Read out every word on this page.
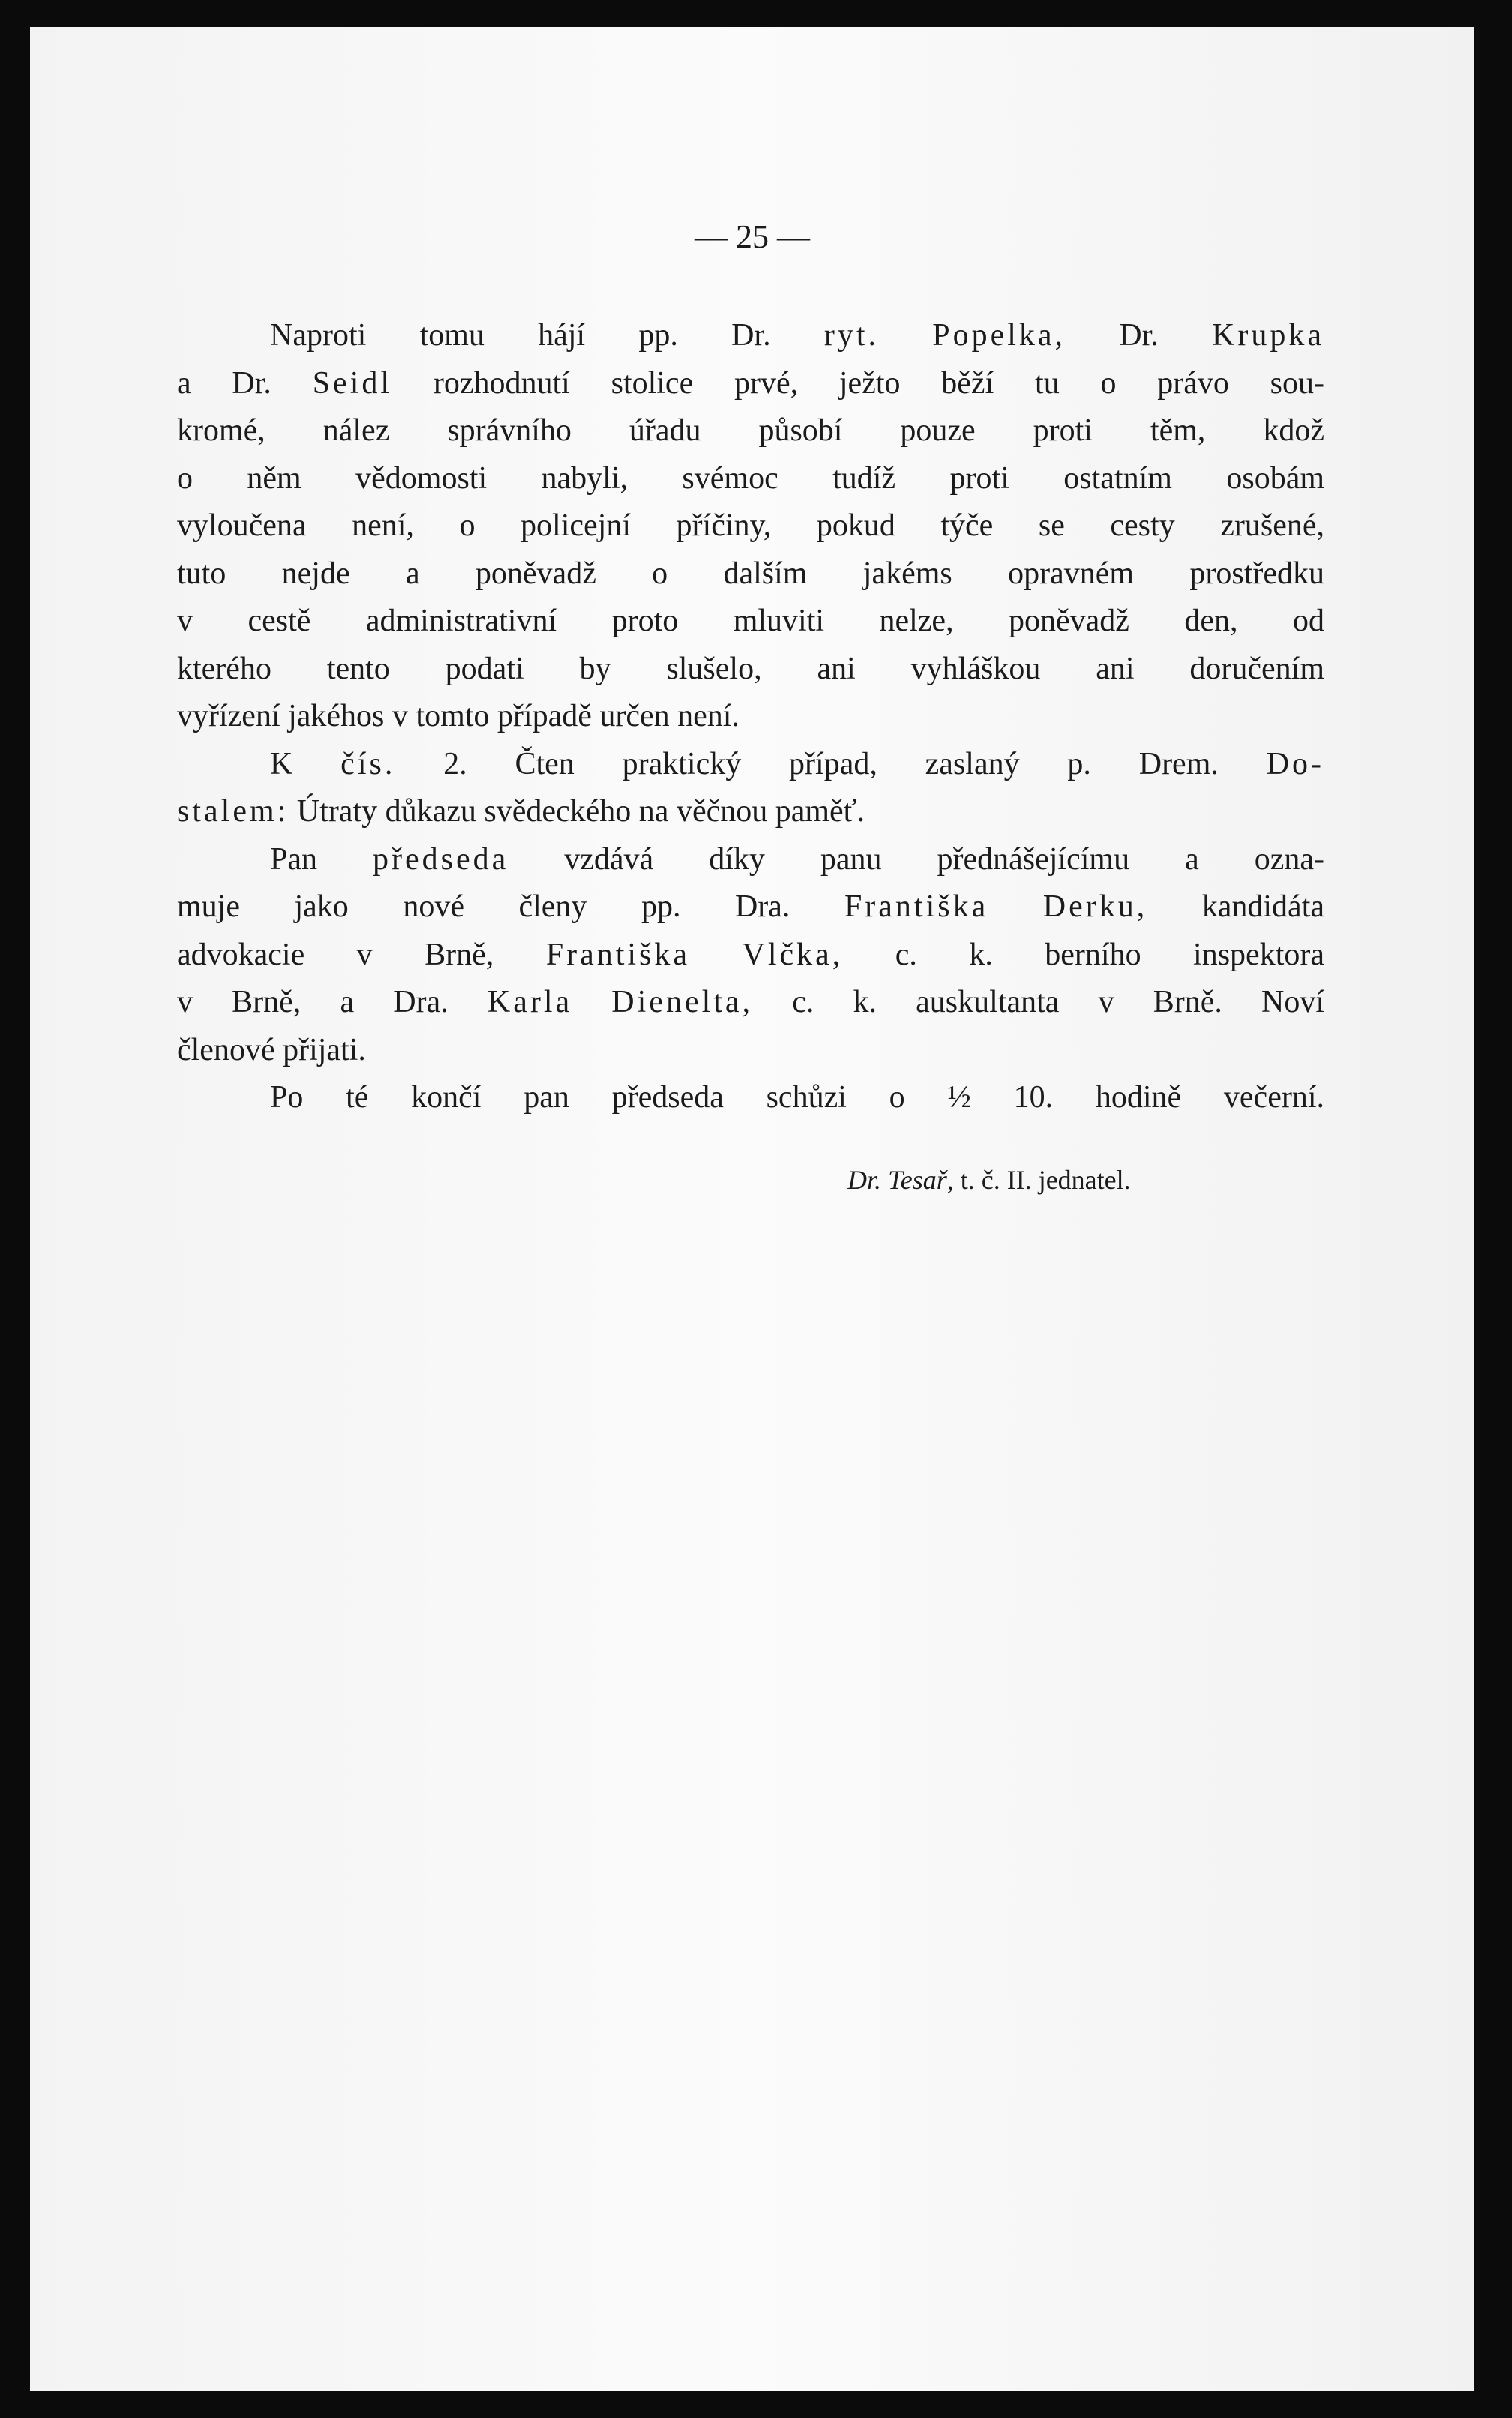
— 25 —
Naproti tomu hájí pp. Dr. ryt. Popelka, Dr. Krupka
a Dr. Seidl rozhodnutí stolice prvé, ježto běží tu o právo sou-
kromé, nález správního úřadu působí pouze proti těm, kdož
o něm vědomosti nabyli, svémoc tudíž proti ostatním osobám
vyloučena není, o policejní příčiny, pokud týče se cesty zrušené,
tuto nejde a poněvadž o dalším jakéms opravném prostředku
v cestě administrativní proto mluviti nelze, poněvadž den, od
kterého tento podati by slušelo, ani vyhláškou ani doručením
vyřízení jakéhos v tomto případě určen není.
K čís. 2. Čten praktický případ, zaslaný p. Drem. Do-
stalem: Útraty důkazu svědeckého na věčnou paměť.
Pan předseda vzdává díky panu přednášejícímu a ozna-
muje jako nové členy pp. Dra. Františka Derku, kandidáta
advokacie v Brně, Františka Vlčka, c. k. berního inspektora
v Brně, a Dra. Karla Dienelta, c. k. auskultanta v Brně. Noví
členové přijati.
Po té končí pan předseda schůzi o ½ 10. hodině večerní.
Dr. Tesař, t. č. II. jednatel.
